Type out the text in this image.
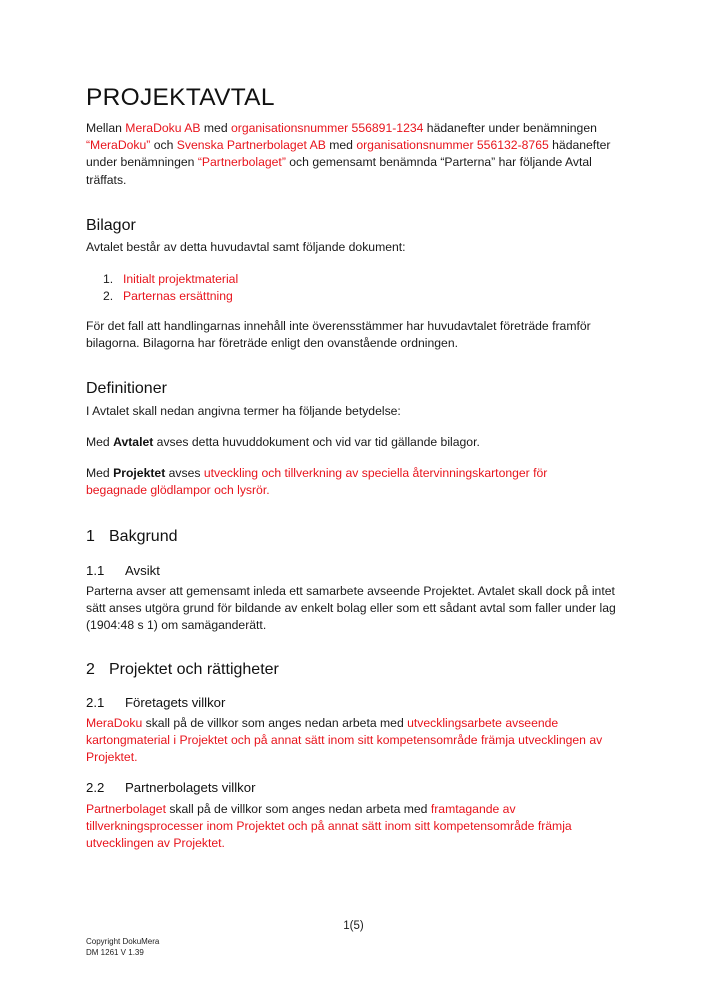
PROJEKTAVTAL

Mellan MeraDoku AB med organisationsnummer 556891-1234 hädanefter under benämningen “MeraDoku” och Svenska Partnerbolaget AB med organisationsnummer 556132-8765 hädanefter under benämningen “Partnerbolaget” och gemensamt benämnda “Parterna” har följande Avtal träffats.

Bilagor

Avtalet består av detta huvudavtal samt följande dokument:

1. Initialt projektmaterial
2. Parternas ersättning

För det fall att handlingarnas innehåll inte överensstämmer har huvudavtalet företräde framför bilagorna. Bilagorna har företräde enligt den ovanstående ordningen.

Definitioner

I Avtalet skall nedan angivna termer ha följande betydelse:

Med Avtalet avses detta huvuddokument och vid var tid gällande bilagor.

Med Projektet avses utveckling och tillverkning av speciella återvinningskartonger för begagnade glödlampor och lysrör.

1 Bakgrund
1.1 Avsikt

Parterna avser att gemensamt inleda ett samarbete avseende Projektet. Avtalet skall dock på intet sätt anses utgöra grund för bildande av enkelt bolag eller som ett sådant avtal som faller under lag (1904:48 s 1) om samäganderätt.

2 Projektet och rättigheter
2.1 Företagets villkor

MeraDoku skall på de villkor som anges nedan arbeta med utvecklingsarbete avseende kartongmaterial i Projektet och på annat sätt inom sitt kompetensområde främja utvecklingen av Projektet.

2.2 Partnerbolagets villkor

Partnerbolaget skall på de villkor som anges nedan arbeta med framtagande av tillverkningsprocesser inom Projektet och på annat sätt inom sitt kompetensområde främja utvecklingen av Projektet.

1(5)
Copyright DokuMera
DM 1261 V 1.39
